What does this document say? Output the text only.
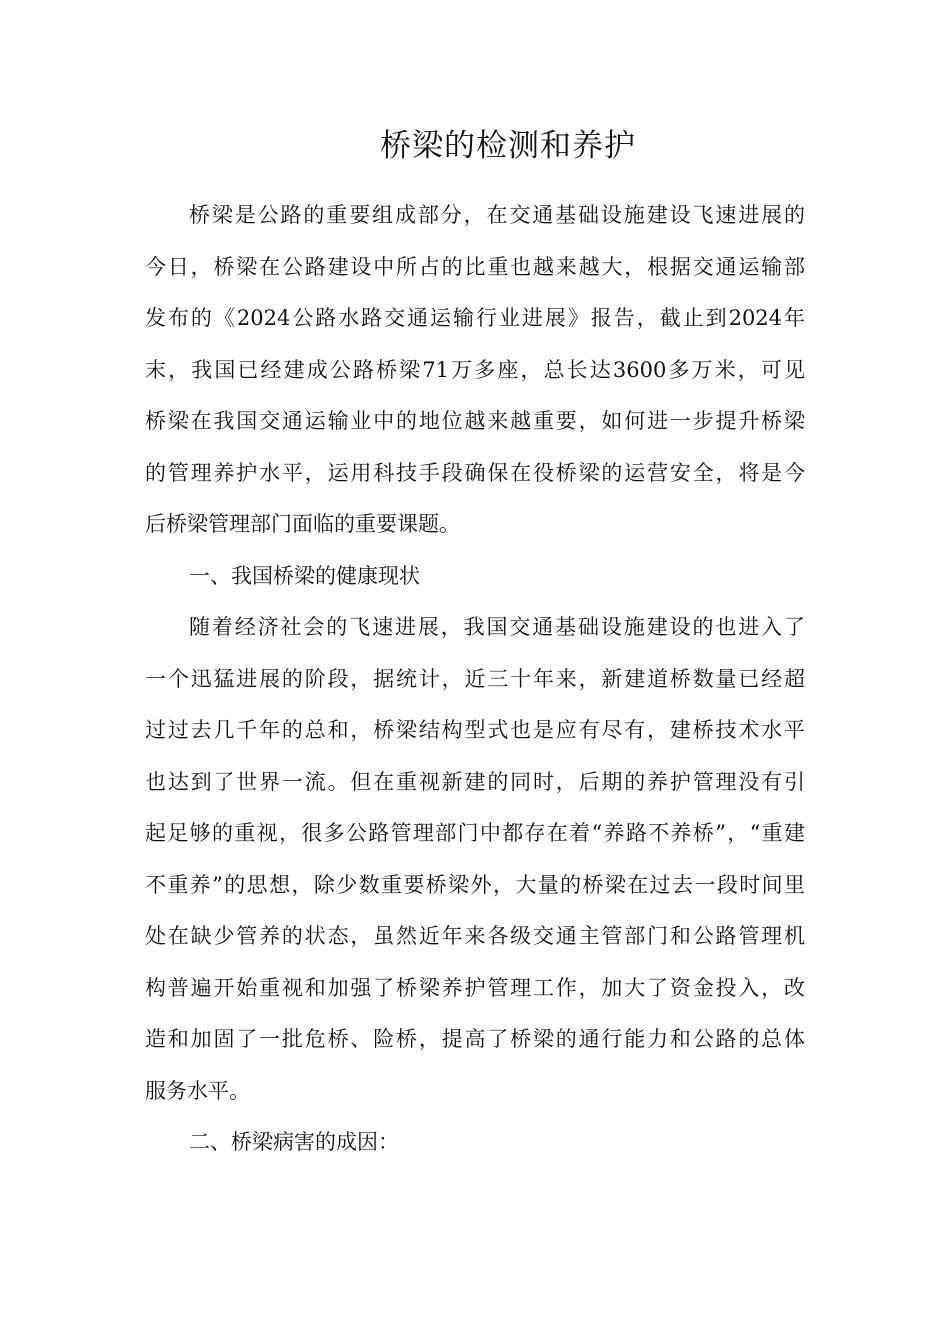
桥梁的检测和养护
桥梁是公路的重要组成部分，在交通基础设施建设飞速进展的
今日，桥梁在公路建设中所占的比重也越来越大，根据交通运输部
发布的《2024公路水路交通运输行业进展》报告，截止到2024年
末，我国已经建成公路桥梁71万多座，总长达3600多万米，可见
桥梁在我国交通运输业中的地位越来越重要，如何进一步提升桥梁
的管理养护水平，运用科技手段确保在役桥梁的运营安全，将是今
后桥梁管理部门面临的重要课题。
一、我国桥梁的健康现状
随着经济社会的飞速进展，我国交通基础设施建设的也进入了
一个迅猛进展的阶段，据统计，近三十年来，新建道桥数量已经超
过过去几千年的总和，桥梁结构型式也是应有尽有，建桥技术水平
也达到了世界一流。但在重视新建的同时，后期的养护管理没有引
起足够的重视，很多公路管理部门中都存在着“养路不养桥”，“重建
不重养”的思想，除少数重要桥梁外，大量的桥梁在过去一段时间里
处在缺少管养的状态，虽然近年来各级交通主管部门和公路管理机
构普遍开始重视和加强了桥梁养护管理工作，加大了资金投入，改
造和加固了一批危桥、险桥，提高了桥梁的通行能力和公路的总体
服务水平。
二、桥梁病害的成因：
